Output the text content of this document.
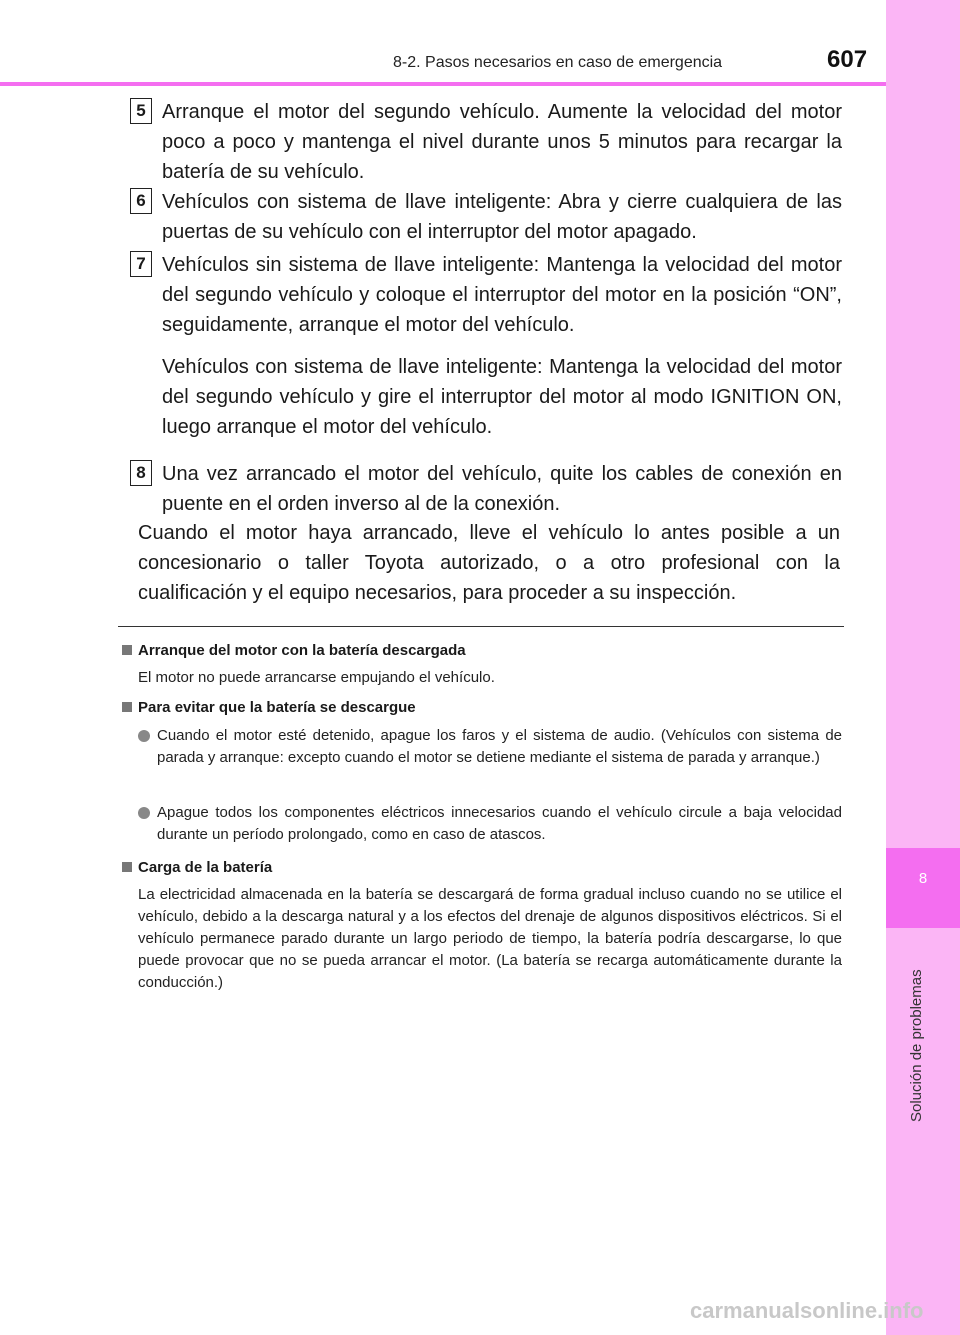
8-2. Pasos necesarios en caso de emergencia	607
8
Solución de problemas
5 Arranque el motor del segundo vehículo. Aumente la velocidad del motor poco a poco y mantenga el nivel durante unos 5 minutos para recargar la batería de su vehículo.

6 Vehículos con sistema de llave inteligente: Abra y cierre cualquiera de las puertas de su vehículo con el interruptor del motor apagado.

7 Vehículos sin sistema de llave inteligente: Mantenga la velocidad del motor del segundo vehículo y coloque el interruptor del motor en la posición “ON”, seguidamente, arranque el motor del vehículo.

Vehículos con sistema de llave inteligente: Mantenga la velocidad del motor del segundo vehículo y gire el interruptor del motor al modo IGNITION ON, luego arranque el motor del vehículo.

8 Una vez arrancado el motor del vehículo, quite los cables de conexión en puente en el orden inverso al de la conexión.

Cuando el motor haya arrancado, lleve el vehículo lo antes posible a un concesionario o taller Toyota autorizado, o a otro profesional con la cualificación y el equipo necesarios, para proceder a su inspección.
Arranque del motor con la batería descargada
El motor no puede arrancarse empujando el vehículo.
Para evitar que la batería se descargue
Cuando el motor esté detenido, apague los faros y el sistema de audio. (Vehículos con sistema de parada y arranque: excepto cuando el motor se detiene mediante el sistema de parada y arranque.)
Apague todos los componentes eléctricos innecesarios cuando el vehículo circule a baja velocidad durante un período prolongado, como en caso de atascos.
Carga de la batería
La electricidad almacenada en la batería se descargará de forma gradual incluso cuando no se utilice el vehículo, debido a la descarga natural y a los efectos del drenaje de algunos dispositivos eléctricos. Si el vehículo permanece parado durante un largo periodo de tiempo, la batería podría descargarse, lo que puede provocar que no se pueda arrancar el motor. (La batería se recarga automáticamente durante la conducción.)
carmanualsonline.info
